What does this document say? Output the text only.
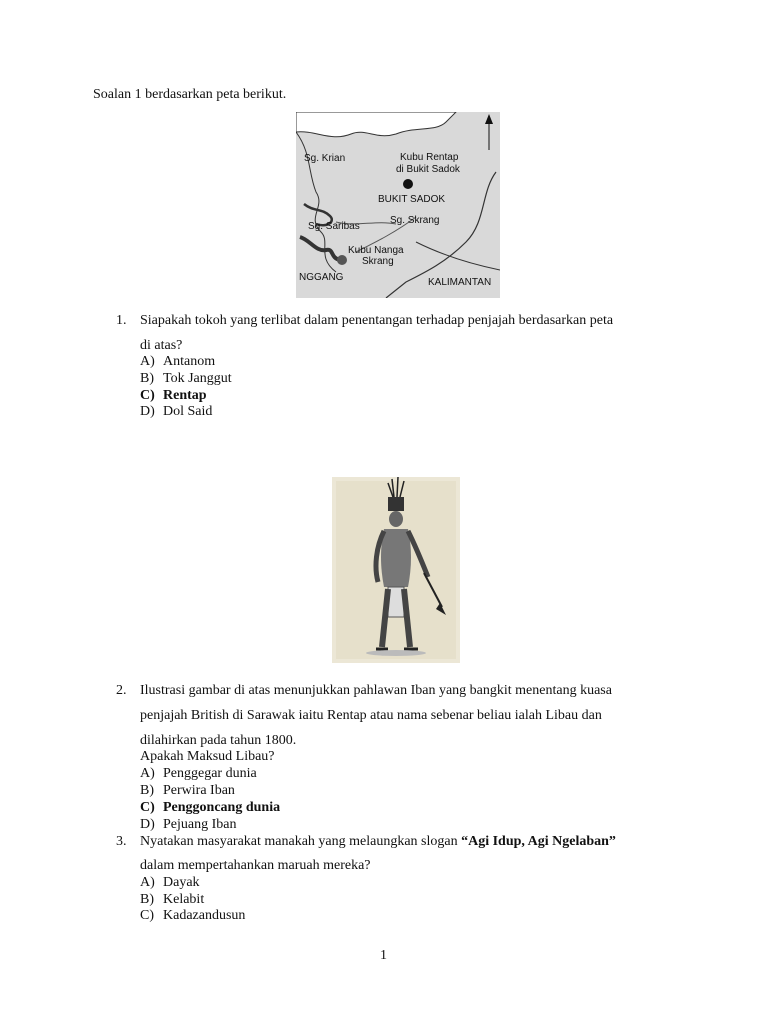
Soalan 1 berdasarkan peta berikut.
Sg. Krian	Kubu Rentap
di Bukit Sadok
BUKIT SADOK
Sg. Skrang
Sg. Saribas
Kubu Nanga
Skrang
NGGANG	KALIMANTAN
1. Siapakah tokoh yang terlibat dalam penentangan terhadap penjajah berdasarkan peta
di atas?
A) Antanom
B) Tok Janggut
C) Rentap
D) Dol Said
2. Ilustrasi gambar di atas menunjukkan pahlawan Iban yang bangkit menentang kuasa
penjajah British di Sarawak iaitu Rentap atau nama sebenar beliau ialah Libau dan
dilahirkan pada tahun 1800.
Apakah Maksud Libau?
A) Penggegar dunia
B) Perwira Iban
C) Penggoncang dunia
D) Pejuang Iban
3. Nyatakan masyarakat manakah yang melaungkan slogan “Agi Idup, Agi Ngelaban”
dalam mempertahankan maruah mereka?
A) Dayak
B) Kelabit
C) Kadazandusun
1
